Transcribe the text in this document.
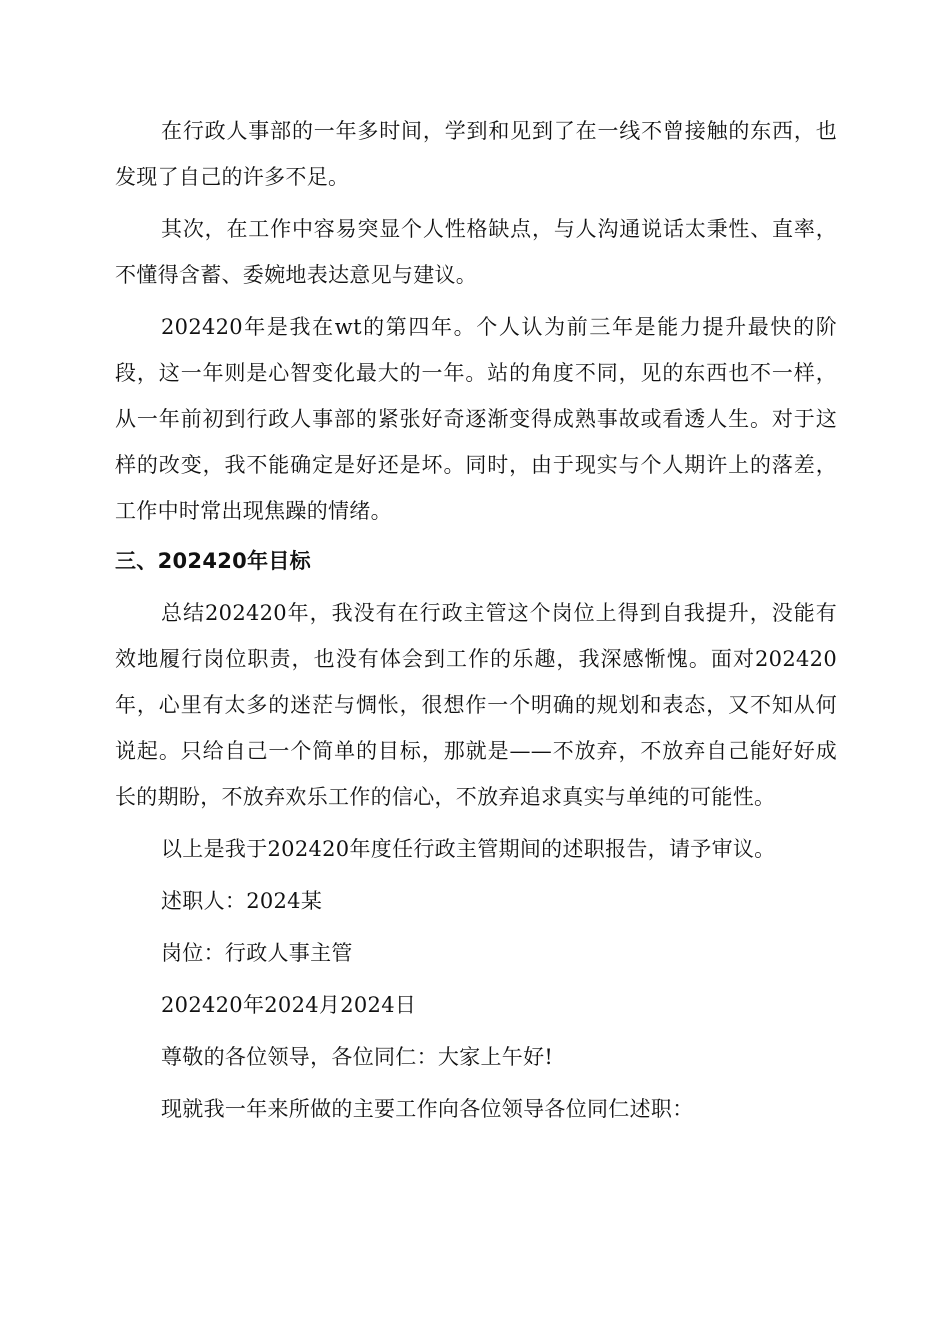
在行政人事部的一年多时间，学到和见到了在一线不曾接触的东西，也发现了自己的许多不足。

其次，在工作中容易突显个人性格缺点，与人沟通说话太秉性、直率，不懂得含蓄、委婉地表达意见与建议。

202420年是我在wt的第四年。个人认为前三年是能力提升最快的阶段，这一年则是心智变化最大的一年。站的角度不同，见的东西也不一样，从一年前初到行政人事部的紧张好奇逐渐变得成熟事故或看透人生。对于这样的改变，我不能确定是好还是坏。同时，由于现实与个人期许上的落差，工作中时常出现焦躁的情绪。

三、202420年目标

总结202420年，我没有在行政主管这个岗位上得到自我提升，没能有效地履行岗位职责，也没有体会到工作的乐趣，我深感惭愧。面对202420年，心里有太多的迷茫与惆怅，很想作一个明确的规划和表态，又不知从何说起。只给自己一个简单的目标，那就是——不放弃，不放弃自己能好好成长的期盼，不放弃欢乐工作的信心，不放弃追求真实与单纯的可能性。

以上是我于202420年度任行政主管期间的述职报告，请予审议。

述职人：2024某

岗位：行政人事主管

202420年2024月2024日

尊敬的各位领导，各位同仁：大家上午好!

现就我一年来所做的主要工作向各位领导各位同仁述职：
